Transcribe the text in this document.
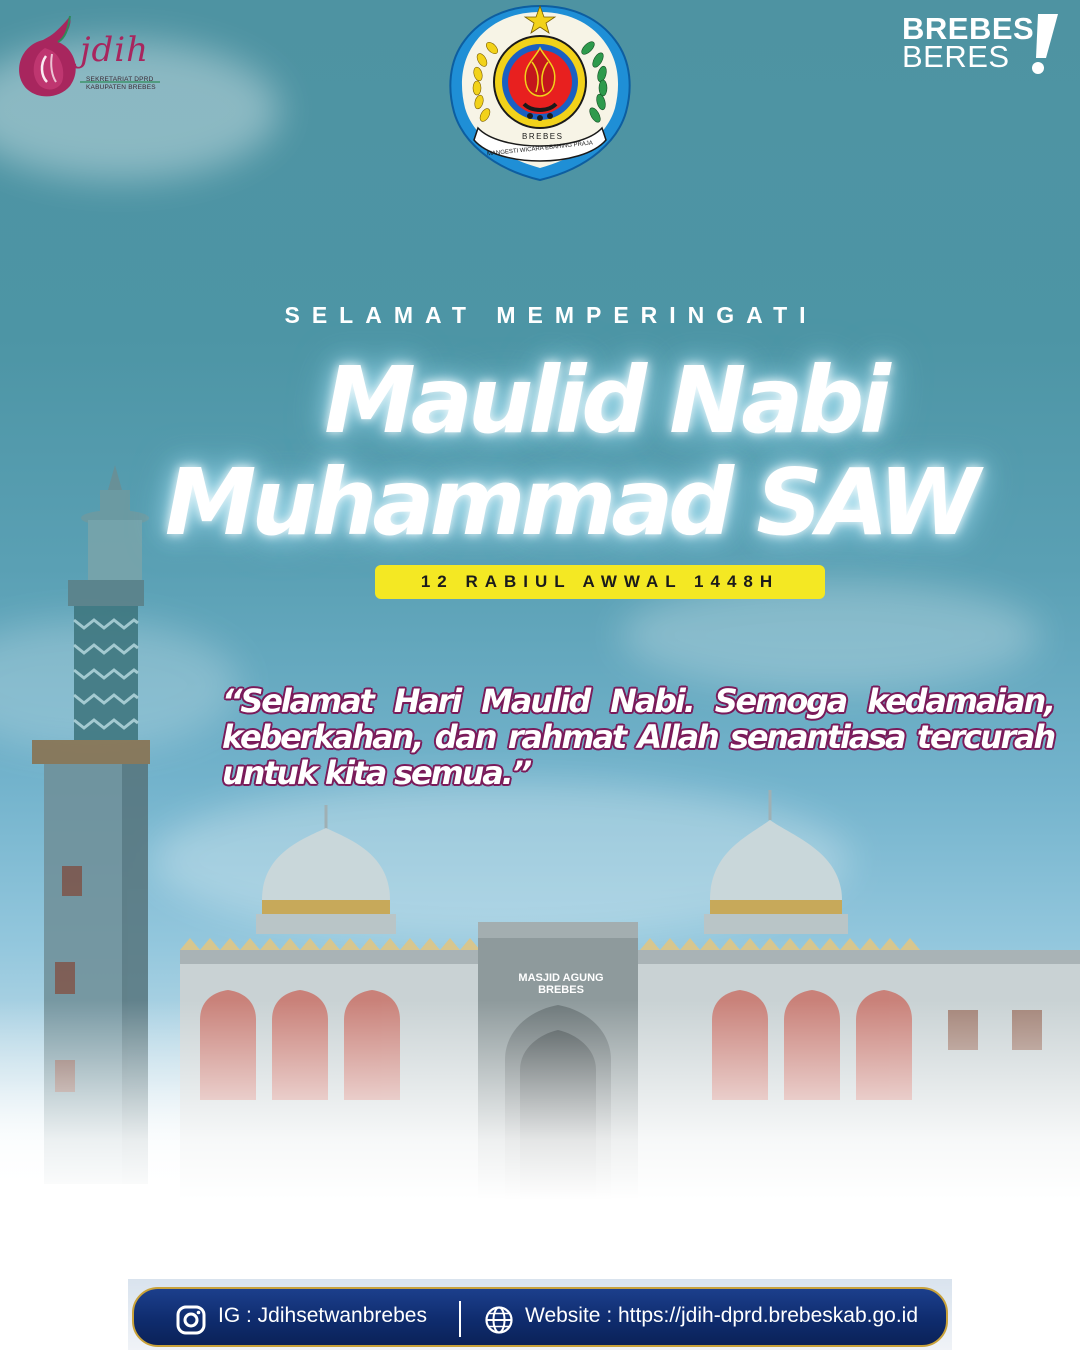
jdih
SEKRETARIAT DPRD
KABUPATEN BREBES
BREBES
MANGESTI WICARA EBAHING PRAJA
BREBES
BERES
MASJID AGUNG BREBES
SELAMAT MEMPERINGATI
Maulid Nabi
Muhammad SAW
12 RABIUL AWWAL 1448H
“Selamat Hari Maulid Nabi. Semoga kedamaian, keberkahan, dan rahmat Allah senantiasa tercurah untuk kita semua.”
IG : Jdihsetwanbrebes	Website : https://jdih-dprd.brebeskab.go.id
